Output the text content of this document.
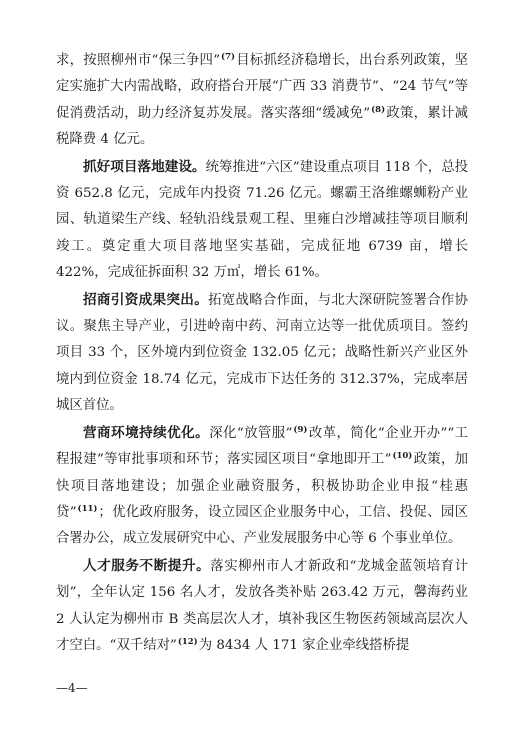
求，按照柳州市“保三争四”$^{(7)}$目标抓经济稳增长，出台系列政策，坚定实施扩大内需战略，政府搭台开展“广西 33 消费节”、“24 节气”等促消费活动，助力经济复苏发展。落实落细“缓减免”$^{(8)}$政策，累计减税降费 4 亿元。

抓好项目落地建设。统筹推进“六区”建设重点项目 118 个，总投资 652.8 亿元，完成年内投资 71.26 亿元。螺霸王洛维螺蛳粉产业园、轨道梁生产线、轻轨沿线景观工程、里雍白沙增减挂等项目顺利竣工。奠定重大项目落地坚实基础，完成征地 6739 亩，增长 422%，完成征拆面积 32 万㎡，增长 61%。

招商引资成果突出。拓宽战略合作面，与北大深研院签署合作协议。聚焦主导产业，引进岭南中药、河南立达等一批优质项目。签约项目 33 个，区外境内到位资金 132.05 亿元；战略性新兴产业区外境内到位资金 18.74 亿元，完成市下达任务的 312.37%，完成率居城区首位。

营商环境持续优化。深化“放管服”$^{(9)}$改革，简化“企业开办”“工程报建”等审批事项和环节；落实园区项目“拿地即开工”$^{(10)}$政策，加快项目落地建设；加强企业融资服务，积极协助企业申报“桂惠贷”$^{(11)}$；优化政府服务，设立园区企业服务中心，工信、投促、园区合署办公，成立发展研究中心、产业发展服务中心等 6 个事业单位。

人才服务不断提升。落实柳州市人才新政和“龙城金蓝领培育计划”，全年认定 156 名人才，发放各类补贴 263.42 万元，馨海药业 2 人认定为柳州市 B 类高层次人才，填补我区生物医药领域高层次人才空白。“双千结对”$^{(12)}$为 8434 人 171 家企业牵线搭桥提

—4—
